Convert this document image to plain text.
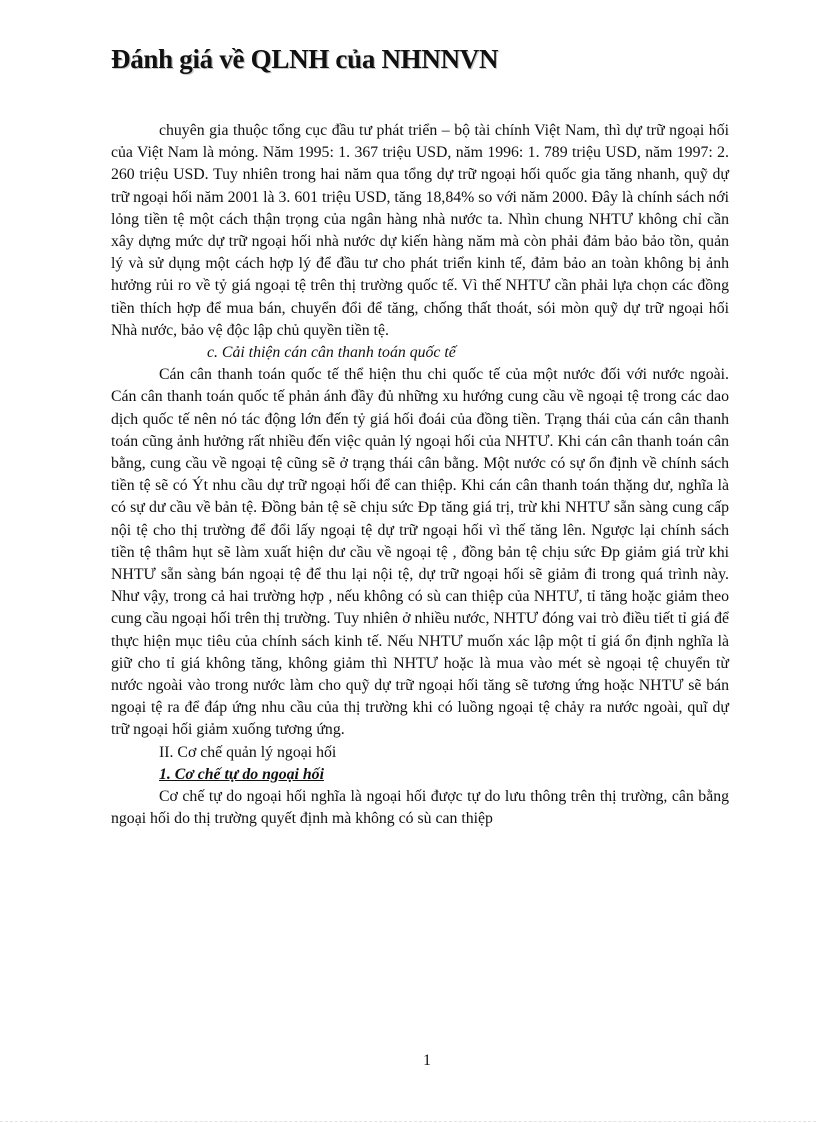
Đánh giá về QLNH của NHNNVN

chuyên gia thuộc tổng cục đầu tư phát triển – bộ tài chính Việt Nam, thì dự trữ ngoại hối của Việt Nam là mỏng. Năm 1995: 1. 367 triệu USD, năm 1996: 1. 789 triệu USD, năm 1997: 2. 260 triệu USD. Tuy nhiên trong hai năm qua tổng dự trữ ngoại hối quốc gia tăng nhanh, quỹ dự trữ ngoại hối năm 2001 là 3. 601 triệu USD, tăng 18,84% so với năm 2000. Đây là chính sách nới lỏng tiền tệ một cách thận trọng của ngân hàng nhà nước ta. Nhìn chung NHTƯ không chỉ cần xây dựng mức dự trữ ngoại hối nhà nước dự kiến hàng năm mà còn phải đảm bảo bảo tồn, quản lý và sử dụng một cách hợp lý để đầu tư cho phát triển kinh tế, đảm bảo an toàn không bị ảnh hưởng rủi ro về tỷ giá ngoại tệ trên thị trường quốc tế. Vì thế NHTƯ cần phải lựa chọn các đồng tiền thích hợp để mua bán, chuyển đổi để tăng, chống thất thoát, sói mòn quỹ dự trữ ngoại hối Nhà nước, bảo vệ độc lập chủ quyền tiền tệ.

c. Cải thiện cán cân thanh toán quốc tế

Cán cân thanh toán quốc tế thể hiện thu chi quốc tế của một nước đối với nước ngoài. Cán cân thanh toán quốc tế phản ánh đầy đủ những xu hướng cung cầu về ngoại tệ trong các dao dịch quốc tế nên nó tác động lớn đến tỷ giá hối đoái của đồng tiền. Trạng thái của cán cân thanh toán cũng ảnh hưởng rất nhiều đến việc quản lý ngoại hối của NHTƯ. Khi cán cân thanh toán cân bằng, cung cầu về ngoại tệ cũng sẽ ở trạng thái cân bằng. Một nước có sự ổn định về chính sách tiền tệ sẽ có Ýt nhu cầu dự trữ ngoại hối để can thiệp. Khi cán cân thanh toán thặng dư, nghĩa là có sự dư cầu về bản tệ. Đồng bản tệ sẽ chịu sức Ðp tăng giá trị, trừ khi NHTƯ sẵn sàng cung cấp nội tệ cho thị trường để đổi lấy ngoại tệ dự trữ ngoại hối vì thế tăng lên. Ngược lại chính sách tiền tệ thâm hụt sẽ làm xuất hiện dư cầu về ngoại tệ , đồng bản tệ chịu sức Ðp giảm giá trừ khi NHTƯ sẵn sàng bán ngoại tệ để thu lại nội tệ, dự trữ ngoại hối sẽ giảm đi trong quá trình này. Như vậy, trong cả hai trường hợp , nếu không có sù can thiệp của NHTƯ, tỉ tăng hoặc giảm theo cung cầu ngoại hối trên thị trường. Tuy nhiên ở nhiều nước, NHTƯ đóng vai trò điều tiết tỉ giá để thực hiện mục tiêu của chính sách kinh tế. Nếu NHTƯ muốn xác lập một tỉ giá ổn định nghĩa là giữ cho tỉ giá không tăng, không giảm thì NHTƯ hoặc là mua vào mét sè ngoại tệ chuyển từ nước ngoài vào trong nước làm cho quỹ dự trữ ngoại hối tăng sẽ tương ứng hoặc NHTƯ sẽ bán ngoại tệ ra để đáp ứng nhu cầu của thị trường khi có luồng ngoại tệ chảy ra nước ngoài, quĩ dự trữ ngoại hối giảm xuống tương ứng.

II. Cơ chế quản lý ngoại hối

1. Cơ chế tự do ngoại hối

Cơ chế tự do ngoại hối nghĩa là ngoại hối được tự do lưu thông trên thị trường, cân bằng ngoại hối do thị trường quyết định mà không có sù can thiệp

1
